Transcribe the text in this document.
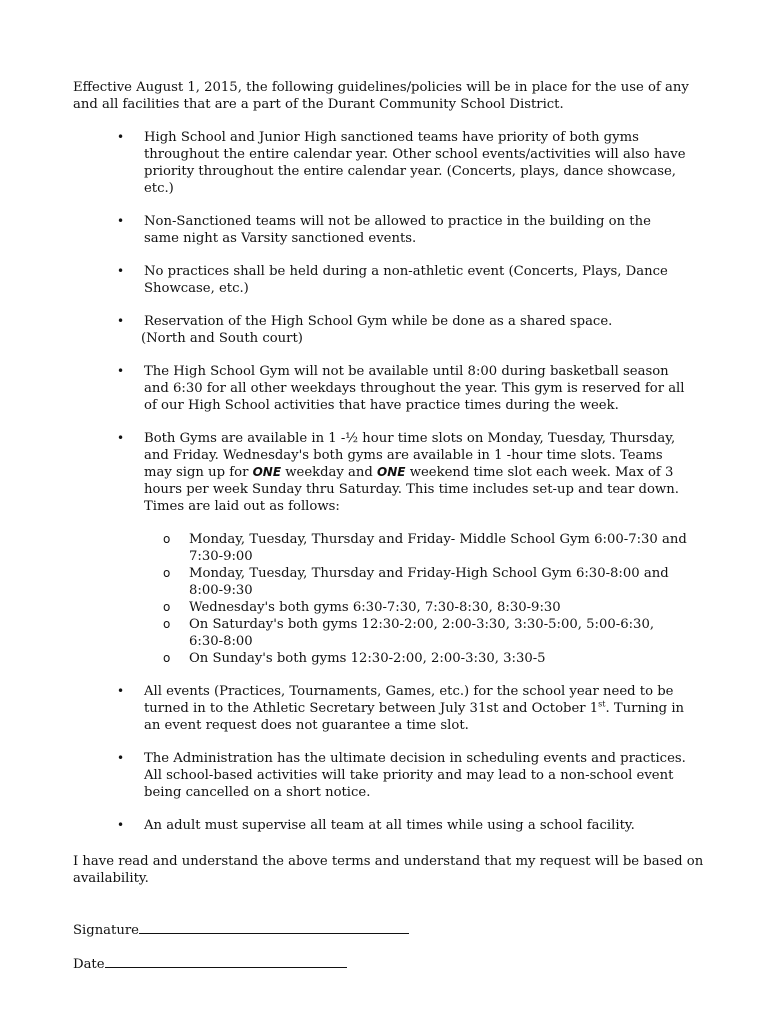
Effective August 1, 2015, the following guidelines/policies will be in place for the use of any and all facilities that are a part of the Durant Community School District.

• High School and Junior High sanctioned teams have priority of both gyms throughout the entire calendar year. Other school events/activities will also have priority throughout the entire calendar year. (Concerts, plays, dance showcase, etc.)
• Non-Sanctioned teams will not be allowed to practice in the building on the same night as Varsity sanctioned events.
• No practices shall be held during a non-athletic event (Concerts, Plays, Dance Showcase, etc.)
• Reservation of the High School Gym while be done as a shared space.
(North and South court)
• The High School Gym will not be available until 8:00 during basketball season and 6:30 for all other weekdays throughout the year. This gym is reserved for all of our High School activities that have practice times during the week.
• Both Gyms are available in 1 -½ hour time slots on Monday, Tuesday, Thursday, and Friday. Wednesday's both gyms are available in 1 -hour time slots. Teams may sign up for ONE weekday and ONE weekend time slot each week. Max of 3 hours per week Sunday thru Saturday. This time includes set-up and tear down. Times are laid out as follows:
o Monday, Tuesday, Thursday and Friday- Middle School Gym 6:00-7:30 and 7:30-9:00
o Monday, Tuesday, Thursday and Friday-High School Gym 6:30-8:00 and 8:00-9:30
o Wednesday's both gyms 6:30-7:30, 7:30-8:30, 8:30-9:30
o On Saturday's both gyms 12:30-2:00, 2:00-3:30, 3:30-5:00, 5:00-6:30, 6:30-8:00
o On Sunday's both gyms 12:30-2:00, 2:00-3:30, 3:30-5
• All events (Practices, Tournaments, Games, etc.) for the school year need to be turned in to the Athletic Secretary between July 31st and October 1st. Turning in an event request does not guarantee a time slot.
• The Administration has the ultimate decision in scheduling events and practices. All school-based activities will take priority and may lead to a non-school event being cancelled on a short notice.
• An adult must supervise all team at all times while using a school facility.

I have read and understand the above terms and understand that my request will be based on availability.

Signature
Date
